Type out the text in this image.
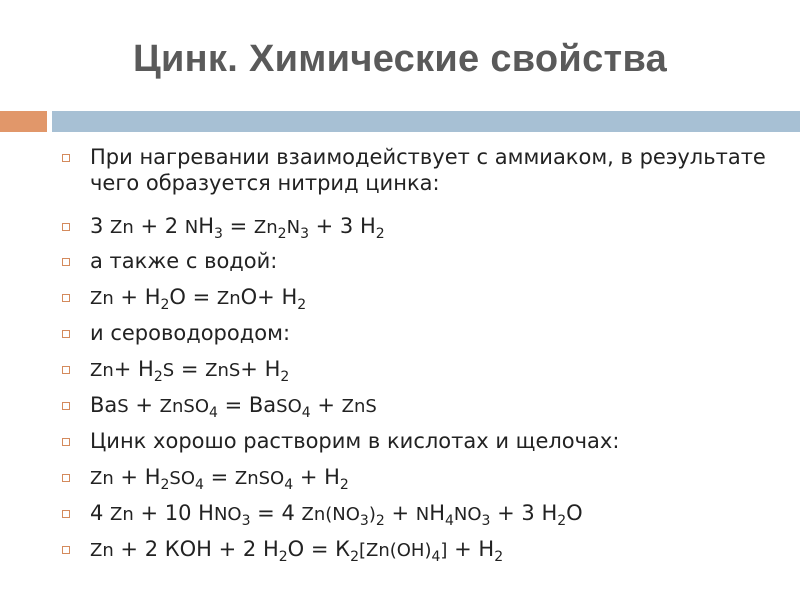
Цинк. Химические свойства
При нагревании взаимодействует с аммиаком, в реэультате чего образуется нитрид цинка:
3 Zn + 2 $NH_3 = Zn_2N_3 + 3$ $H_2$
а также с водой:
$Zn + H_2O = ZnO+ H_2$
и сероводородом:
$Zn+ H_2S = ZnS+ H_2$
BaS + ZnSO$_4$ = BaSO$_4$ + ZnS
Цинк хорошо растворим в кислотах и щелочах:
$Zn + H_2SO_4$ = ZnSO$_4$ + $H_2$
4 Zn + 10 $HNO_3 = 4$ $Zn(NO_3)_2 + NH_4NO_3 + 3$ $H_2O$
Zn + 2 КОН + 2 $H_2O = К_2[Zn(OH)_4] + H_2$
